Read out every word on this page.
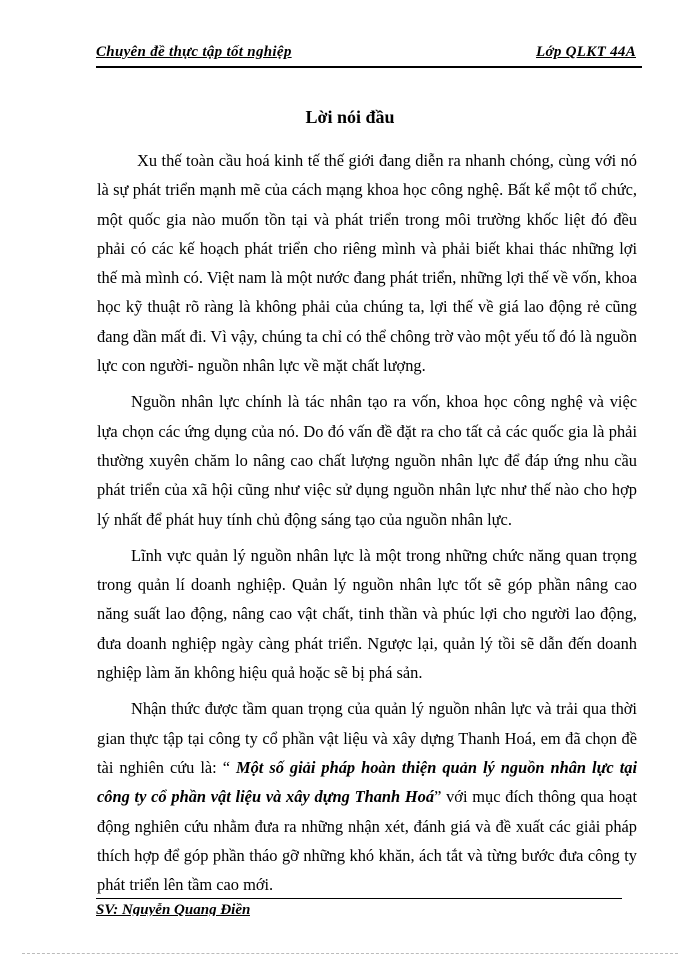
Chuyên đề thực tập tốt nghiệp	Lớp QLKT 44A
Lời nói đầu

Xu thế toàn cầu hoá kinh tế thế giới đang diễn ra nhanh chóng, cùng với nó là sự phát triển mạnh mẽ của cách mạng khoa học công nghệ. Bất kể một tổ chức, một quốc gia nào muốn tồn tại và phát triển trong môi trường khốc liệt đó đều phải có các kế hoạch phát triển cho riêng mình và phải biết khai thác những lợi thế mà mình có. Việt nam là một nước đang phát triển, những lợi thế về vốn, khoa học kỹ thuật rõ ràng là không phải của chúng ta, lợi thế về giá lao động rẻ cũng đang dần mất đi. Vì vậy, chúng ta chỉ có thể chông trờ vào một yếu tố đó là nguồn lực con người- nguồn nhân lực về mặt chất lượng.

Nguồn nhân lực chính là tác nhân tạo ra vốn, khoa học công nghệ và việc lựa chọn các ứng dụng của nó. Do đó vấn đề đặt ra cho tất cả các quốc gia là phải thường xuyên chăm lo nâng cao chất lượng nguồn nhân lực để đáp ứng nhu cầu phát triển của xã hội cũng như việc sử dụng nguồn nhân lực như thế nào cho hợp lý nhất để phát huy tính chủ động sáng tạo của nguồn nhân lực.

Lĩnh vực quản lý nguồn nhân lực là một trong những chức năng quan trọng trong quản lí doanh nghiệp. Quản lý nguồn nhân lực tốt sẽ góp phần nâng cao năng suất lao động, nâng cao vật chất, tinh thần và phúc lợi cho người lao động, đưa doanh nghiệp ngày càng phát triển. Ngược lại, quản lý tồi sẽ dẫn đến doanh nghiệp làm ăn không hiệu quả hoặc sẽ bị phá sản.

Nhận thức được tầm quan trọng của quản lý nguồn nhân lực và trải qua thời gian thực tập tại công ty cổ phần vật liệu và xây dựng Thanh Hoá, em đã chọn đề tài nghiên cứu là: “ Một số giải pháp hoàn thiện quản lý nguồn nhân lực tại công ty cổ phần vật liệu và xây dựng Thanh Hoá” với mục đích thông qua hoạt động nghiên cứu nhằm đưa ra những nhận xét, đánh giá và đề xuất các giải pháp thích hợp để góp phần tháo gỡ những khó khăn, ách tắt và từng bước đưa công ty phát triển lên tầm cao mới.

SV: Nguyễn Quang Điền
